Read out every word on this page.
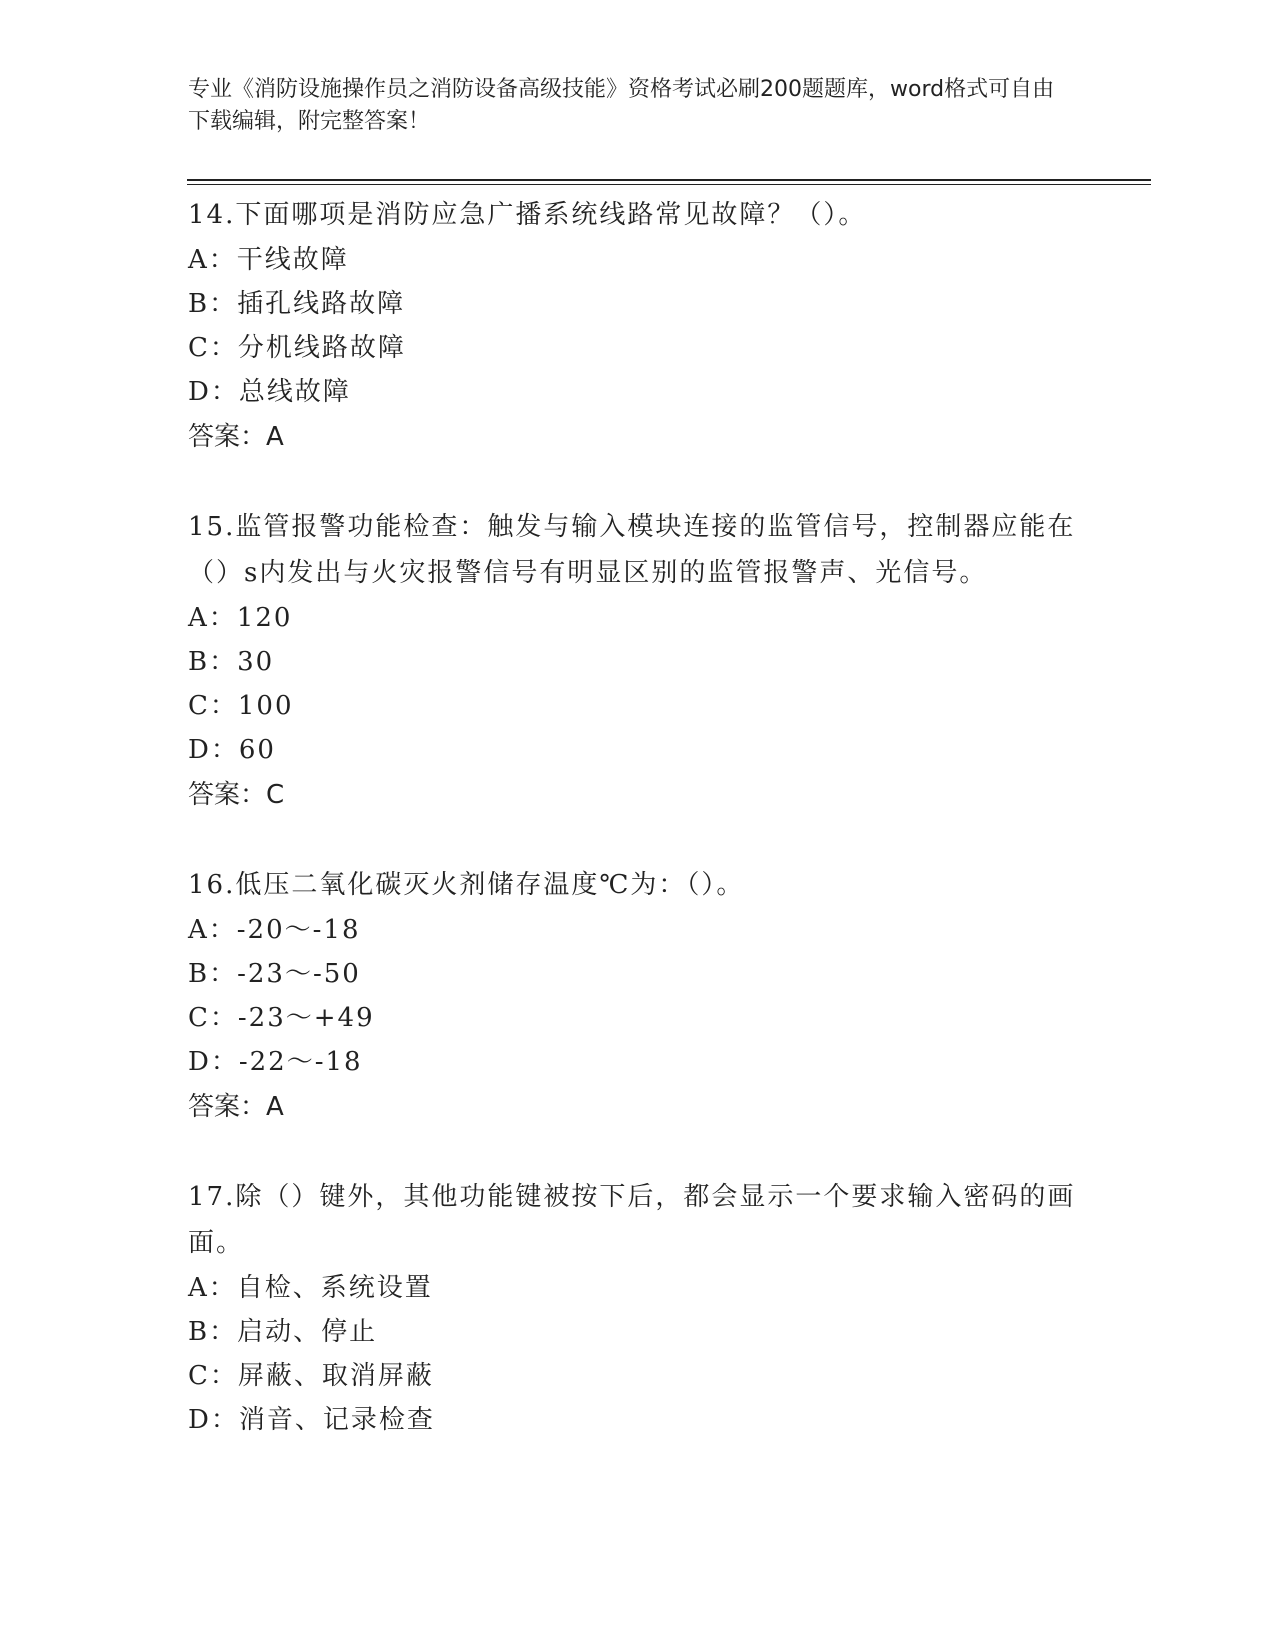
专业《消防设施操作员之消防设备高级技能》资格考试必刷200题题库，word格式可自由下载编辑，附完整答案！
14.下面哪项是消防应急广播系统线路常见故障？（）。
A：干线故障
B：插孔线路故障
C：分机线路故障
D：总线故障
答案：A
15.监管报警功能检查：触发与输入模块连接的监管信号，控制器应能在（）s内发出与火灾报警信号有明显区别的监管报警声、光信号。
A：120
B：30
C：100
D：60
答案：C
16.低压二氧化碳灭火剂储存温度℃为：（）。
A：-20～-18
B：-23～-50
C：-23～+49
D：-22～-18
答案：A
17.除（）键外，其他功能键被按下后，都会显示一个要求输入密码的画面。
A：自检、系统设置
B：启动、停止
C：屏蔽、取消屏蔽
D：消音、记录检查
